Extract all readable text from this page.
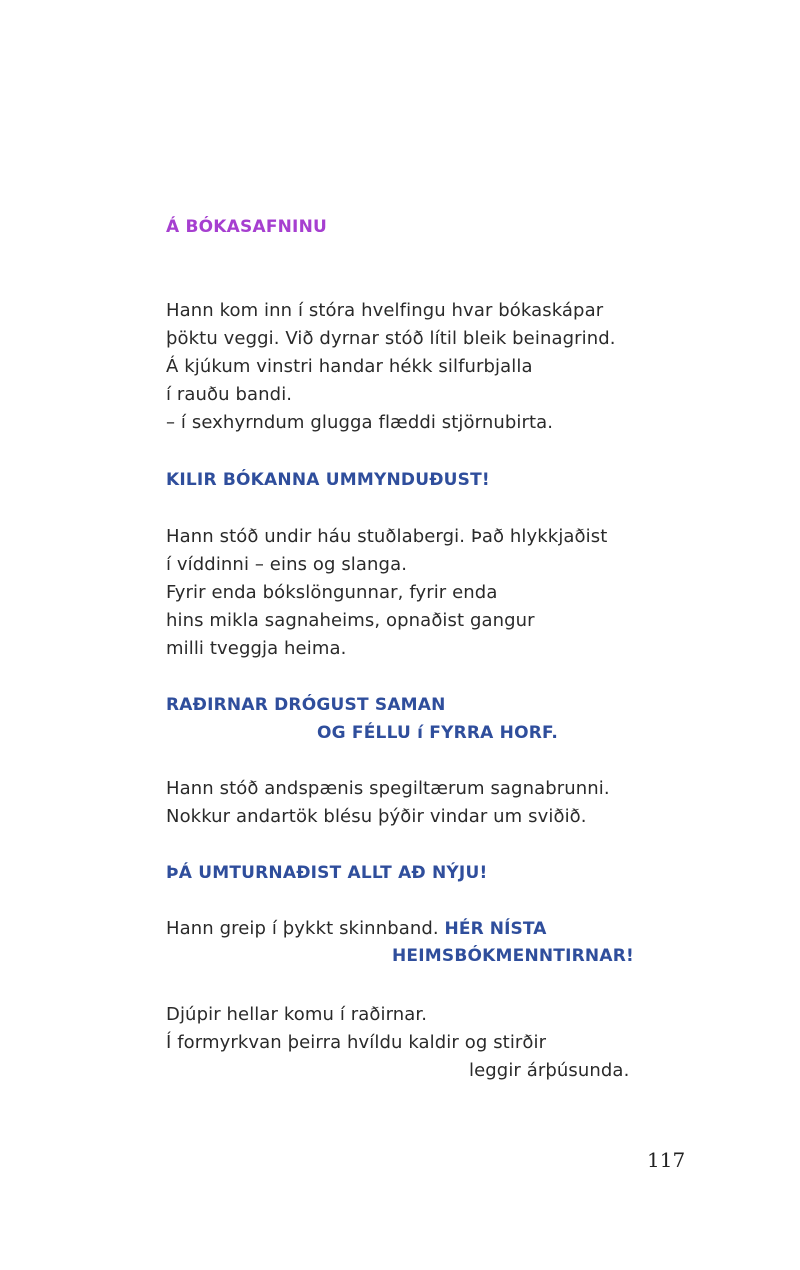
Á BÓKASAFNINU
Hann kom inn í stóra hvelfingu hvar bókaskápar
þöktu veggi. Við dyrnar stóð lítil bleik beinagrind.
Á kjúkum vinstri handar hékk silfurbjalla
í rauðu bandi.
– í sexhyrndum glugga flæddi stjörnubirta.
KILIR BÓKANNA UMMYNDUÐUST!
Hann stóð undir háu stuðlabergi. Það hlykkjaðist
í víddinni – eins og slanga.
Fyrir enda bókslöngunnar, fyrir enda
hins mikla sagnaheims, opnaðist gangur
milli tveggja heima.
RAÐIRNAR DRÓGUST SAMAN
OG FÉLLU í FYRRA HORF.
Hann stóð andspænis spegiltærum sagnabrunni.
Nokkur andartök blésu þýðir vindar um sviðið.
ÞÁ UMTURNAÐIST ALLT AÐ NÝJU!
Hann greip í þykkt skinnband. HÉR NÍSTA
HEIMSBÓKMENNTIRNAR!
Djúpir hellar komu í raðirnar.
Í formyrkvan þeirra hvíldu kaldir og stirðir
leggir árþúsunda.
117
